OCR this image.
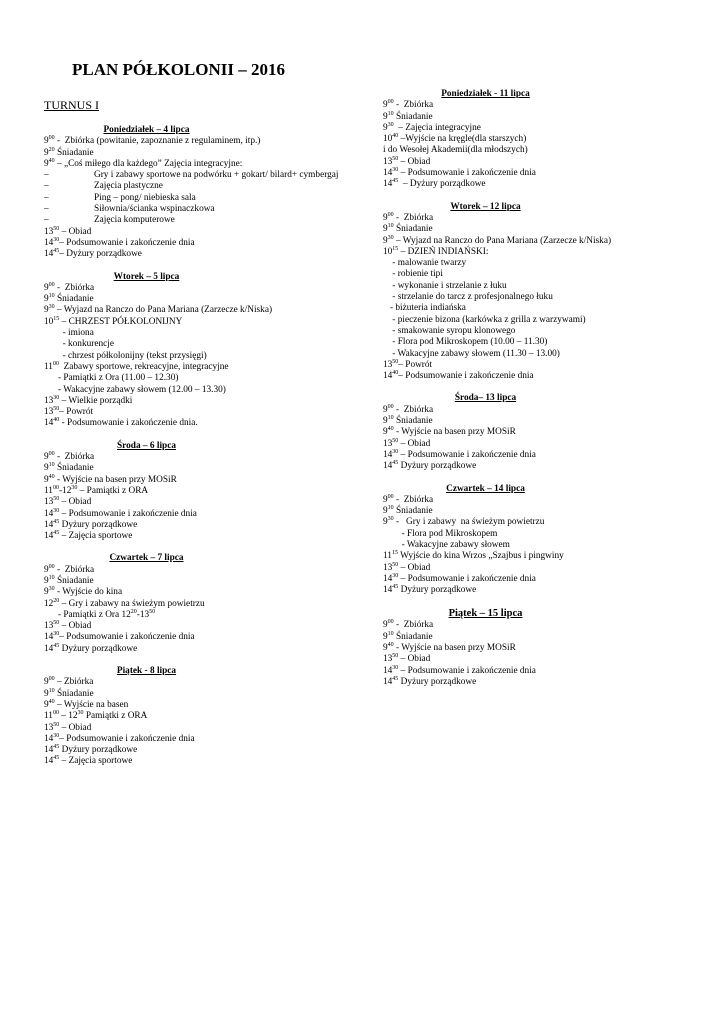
PLAN PÓŁKOLONII – 2016
TURNUS I
Poniedziałek – 4 lipca
$9^{00}$ -  Zbiórka (powitanie, zapoznanie z regulaminem, itp.)
$9^{20}$ Śniadanie
$9^{40}$ – „Coś miłego dla każdego” Zajęcia integracyjne:
– Gry i zabawy sportowe na podwórku + gokart/ bilard+ cymbergaj
– Zajęcia plastyczne
– Ping – pong/ niebieska sala
– Siłownia/ścianka wspinaczkowa
– Zajęcia komputerowe
$13^{50}$ – Obiad
$14^{30}-$ Podsumowanie i zakończenie dnia
$14^{45}-$ Dyżury porządkowe
Wtorek – 5 lipca
$9^{00}$ -  Zbiórka
$9^{10}$ Śniadanie
$9^{30}$ – Wyjazd na Ranczo do Pana Mariana (Zarzecze k/Niska)
$10^{15}$ – CHRZEST PÓŁKOLONIJNY
- imiona
- konkurencje
- chrzest półkolonijny (tekst przysięgi)
$11^{00}$  Zabawy sportowe, rekreacyjne, integracyjne
- Pamiątki z Ora (11.00 – 12.30)
- Wakacyjne zabawy słowem (12.00 – 13.30)
$13^{30}$ – Wielkie porządki
$13^{50}-$ Powrót
$14^{40}$ - Podsumowanie i zakończenie dnia.
Środa – 6 lipca
$9^{00}$ -  Zbiórka
$9^{10}$ Śniadanie
$9^{40}$ - Wyjście na basen przy MOSiR
$11^{00}-12^{30}$ – Pamiątki z ORA
$13^{50}$ – Obiad
$14^{30}$ – Podsumowanie i zakończenie dnia
$14^{45}$ Dyżury porządkowe
$14^{45}$ – Zajęcia sportowe
Czwartek – 7 lipca
$9^{00}$ -  Zbiórka
$9^{10}$ Śniadanie
$9^{30}$ - Wyjście do kina
$12^{20}$ – Gry i zabawy na świeżym powietrzu
- Pamiątki z Ora $12^{20}-13^{50}$
$13^{50}$ – Obiad
$14^{30}-$ Podsumowanie i zakończenie dnia
$14^{45}$ Dyżury porządkowe
Piątek - 8 lipca
$9^{00}$ – Zbiórka
$9^{10}$ Śniadanie
$9^{40}$ – Wyjście na basen
$11^{00} - 12^{30}$ Pamiątki z ORA
$13^{50}$ – Obiad
$14^{30}-$ Podsumowanie i zakończenie dnia
$14^{45}$ Dyżury porządkowe
$14^{45}$ – Zajęcia sportowe
Poniedziałek - 11 lipca
$9^{00}$ -  Zbiórka
$9^{10}$ Śniadanie
$9^{30}$  – Zajęcia integracyjne
$10^{40}$ –Wyjście na kręgle(dla starszych)
i do Wesołej Akademii(dla młodszych)
$13^{50}$ – Obiad
$14^{30}$ – Podsumowanie i zakończenie dnia
$14^{45}$  – Dyżury porządkowe
Wtorek – 12 lipca
$9^{00}$ -  Zbiórka
$9^{10}$ Śniadanie
$9^{30}$ – Wyjazd na Ranczo do Pana Mariana (Zarzecze k/Niska)
$10^{15}$ – DZIEŃ INDIAŃSKI:
- malowanie twarzy
- robienie tipi
- wykonanie i strzelanie z łuku
- strzelanie do tarcz z profesjonalnego łuku
- biżuteria indiańska
- pieczenie bizona (karkówka z grilla z warzywami)
- smakowanie syropu klonowego
- Flora pod Mikroskopem (10.00 – 11.30)
- Wakacyjne zabawy słowem (11.30 – 13.00)
$13^{50}-$ Powrót
$14^{40}-$ Podsumowanie i zakończenie dnia
Środa– 13 lipca
$9^{00}$ -  Zbiórka
$9^{10}$ Śniadanie
$9^{40}$ - Wyjście na basen przy MOSiR
$13^{50}$ – Obiad
$14^{30}$ – Podsumowanie i zakończenie dnia
$14^{45}$ Dyżury porządkowe
Czwartek – 14 lipca
$9^{00}$ -  Zbiórka
$9^{10}$ Śniadanie
$9^{30}$ -   Gry i zabawy  na świeżym powietrzu
- Flora pod Mikroskopem
- Wakacyjne zabawy słowem
$11^{15}$ Wyjście do kina Wrzos „Szajbus i pingwiny
$13^{50}$ – Obiad
$14^{30}$ – Podsumowanie i zakończenie dnia
$14^{45}$ Dyżury porządkowe
Piątek – 15 lipca
$9^{00}$ -  Zbiórka
$9^{10}$ Śniadanie
$9^{40}$ - Wyjście na basen przy MOSiR
$13^{50}$ – Obiad
$14^{30}$ – Podsumowanie i zakończenie dnia
$14^{45}$ Dyżury porządkowe
